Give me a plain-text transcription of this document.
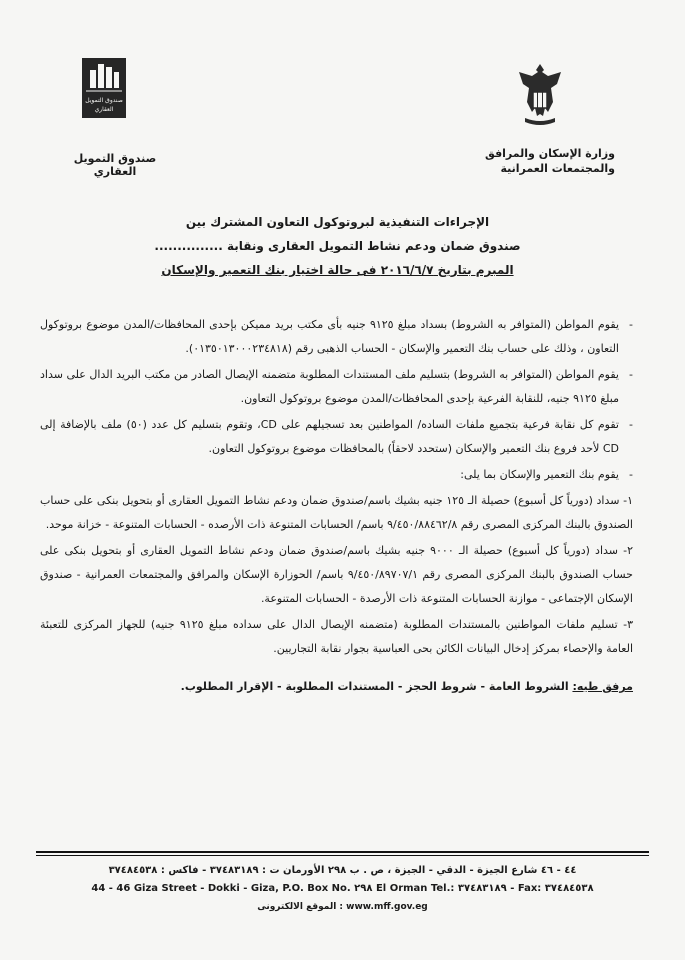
وزارة الإسكان والمرافق
والمجتمعات العمرانية
صندوق التمويل
العقاري
صندوق التمويل العقاري
الإجراءات التنفيذية لبروتوكول التعاون المشترك بين
صندوق ضمان ودعم نشاط التمويل العقارى ونقابة ...............
المبرم بتاريخ ٢٠١٦/٦/٧ فى حالة اختيار بنك التعمير والإسكان
- يقوم المواطن (المتوافر به الشروط) بسداد مبلغ ٩١٢٥ جنيه بأى مكتب بريد مميكن بإحدى المحافظات/المدن موضوع بروتوكول التعاون ، وذلك على حساب بنك التعمير والإسكان - الحساب الذهبى رقم (٠١٣٥٠١٣٠٠٠٢٣٤٨١٨).
- يقوم المواطن (المتوافر به الشروط) بتسليم ملف المستندات المطلوبة متضمنه الإيصال الصادر من مكتب البريد الدال على سداد مبلغ ٩١٢٥ جنيه، للنقابة الفرعية بإحدى المحافظات/المدن موضوع بروتوكول التعاون.
- تقوم كل نقابة فرعية بتجميع ملفات الساده/ المواطنين بعد تسجيلهم على CD، وتقوم بتسليم كل عدد (٥٠) ملف بالإضافة إلى CD لأحد فروع بنك التعمير والإسكان (ستحدد لاحقاً) بالمحافظات موضوع بروتوكول التعاون.
- يقوم بنك التعمير والإسكان بما يلى:
١- سداد (دورياً كل أسبوع) حصيلة الـ ١٢٥ جنيه بشيك باسم/صندوق ضمان ودعم نشاط التمويل العقارى أو بتحويل بنكى على حساب الصندوق بالبنك المركزى المصرى رقم ٩/٤٥٠/٨٨٤٦٢/٨ باسم/ الحسابات المتنوعة ذات الأرصده - الحسابات المتنوعة - خزانة موحد.
٢- سداد (دورياً كل أسبوع) حصيلة الـ ٩٠٠٠ جنيه بشيك باسم/صندوق ضمان ودعم نشاط التمويل العقارى أو بتحويل بنكى على حساب الصندوق بالبنك المركزى المصرى رقم ٩/٤٥٠/٨٩٧٠٧/١ باسم/ الحوزارة الإسكان والمرافق والمجتمعات العمرانية - صندوق الإسكان الإجتماعى - موازنة الحسابات المتنوعة ذات الأرصدة - الحسابات المتنوعة.
٣- تسليم ملفات المواطنين بالمستندات المطلوبة (متضمنه الإيصال الدال على سداده مبلغ ٩١٢٥ جنيه) للجهاز المركزى للتعبئة العامة والإحصاء بمركز إدخال البيانات الكائن بحى العباسية بجوار نقابة التجاريين.
مرفق طيه: الشروط العامة - شروط الحجز - المستندات المطلوبة - الإقرار المطلوب.
٤٤ - ٤٦ شارع الجيزة - الدقي - الجيزة ، ص . ب ٢٩٨ الأورمان ت : ٣٧٤٨٣١٨٩ - فاكس : ٣٧٤٨٤٥٣٨
44 - 46 Giza Street - Dokki - Giza, P.O. Box No. ٢٩٨ El Orman Tel.: ٣٧٤٨٣١٨٩ - Fax: ٣٧٤٨٤٥٣٨
www.mff.gov.eg : الموقع الالكترونى
